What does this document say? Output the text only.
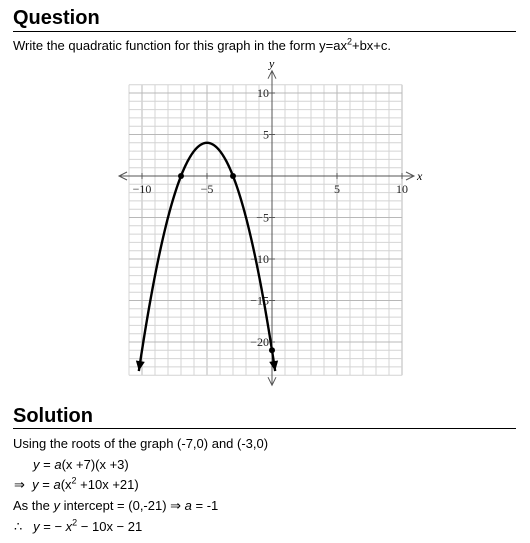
Question
Write the quadratic function for this graph in the form $y=ax^2+bx+c$.
−10	−5	5	10
10
5
−5
−10
−15
−20
x
y
Solution
Using the roots of the graph (-7,0) and (-3,0)
y = a(x +7)(x +3)
⇒ $y = a(x^2 +10x +21)$
As the y intercept = (0,-21) ⇒ a = -1
∴ y = − $x^2 - 10x - 21$
